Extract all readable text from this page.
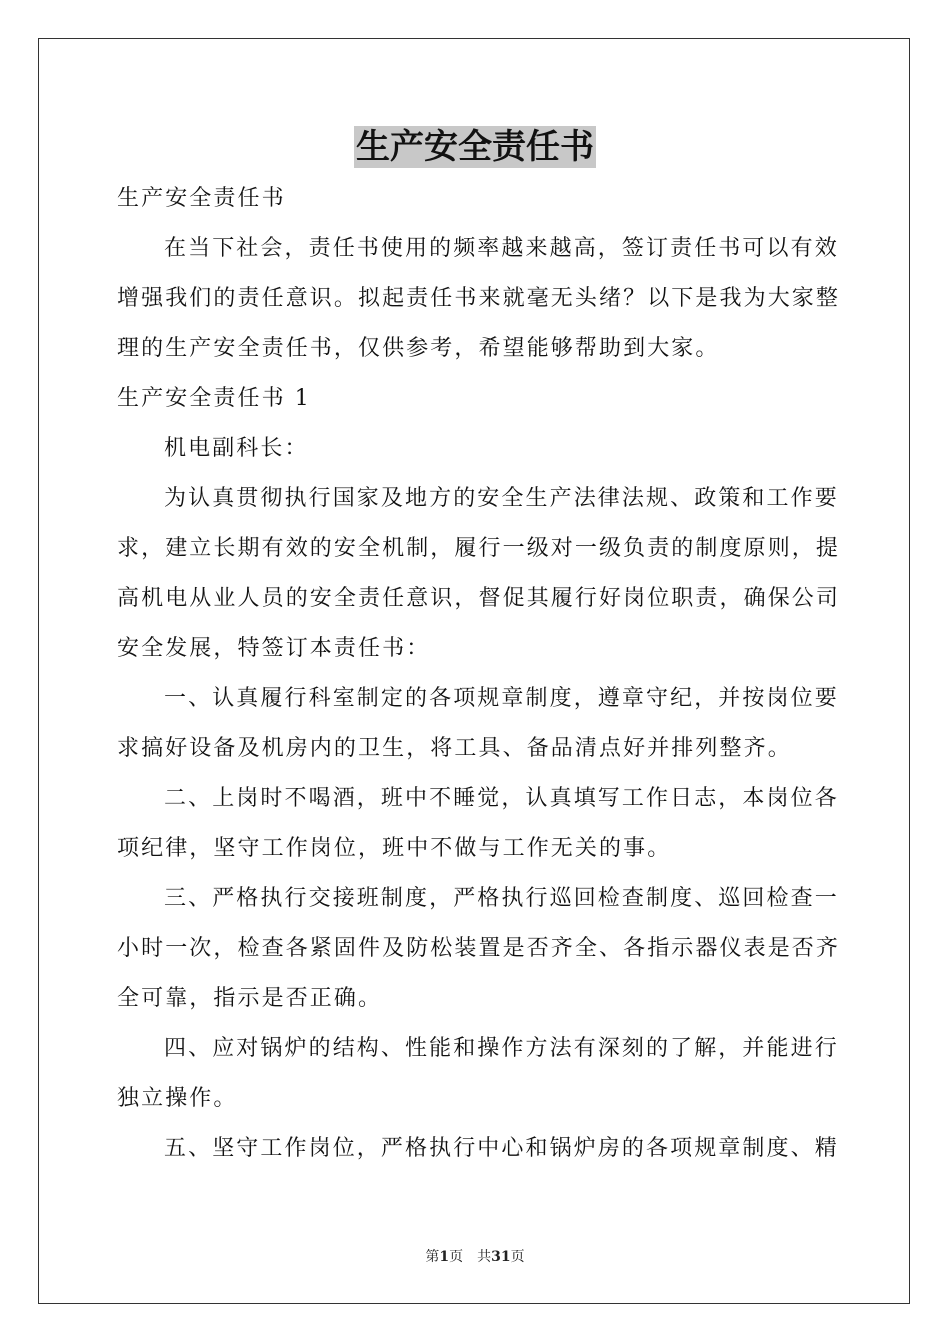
生产安全责任书
生产安全责任书
在当下社会，责任书使用的频率越来越高，签订责任书可以有效
增强我们的责任意识。拟起责任书来就毫无头绪？以下是我为大家整
理的生产安全责任书，仅供参考，希望能够帮助到大家。
生产安全责任书 1
机电副科长：
为认真贯彻执行国家及地方的安全生产法律法规、政策和工作要
求，建立长期有效的安全机制，履行一级对一级负责的制度原则，提
高机电从业人员的安全责任意识，督促其履行好岗位职责，确保公司
安全发展，特签订本责任书：
一、认真履行科室制定的各项规章制度，遵章守纪，并按岗位要
求搞好设备及机房内的卫生，将工具、备品清点好并排列整齐。
二、上岗时不喝酒，班中不睡觉，认真填写工作日志，本岗位各
项纪律，坚守工作岗位，班中不做与工作无关的事。
三、严格执行交接班制度，严格执行巡回检查制度、巡回检查一
小时一次，检查各紧固件及防松装置是否齐全、各指示器仪表是否齐
全可靠，指示是否正确。
四、应对锅炉的结构、性能和操作方法有深刻的了解，并能进行
独立操作。
五、坚守工作岗位，严格执行中心和锅炉房的各项规章制度、精
第1页　共31页
